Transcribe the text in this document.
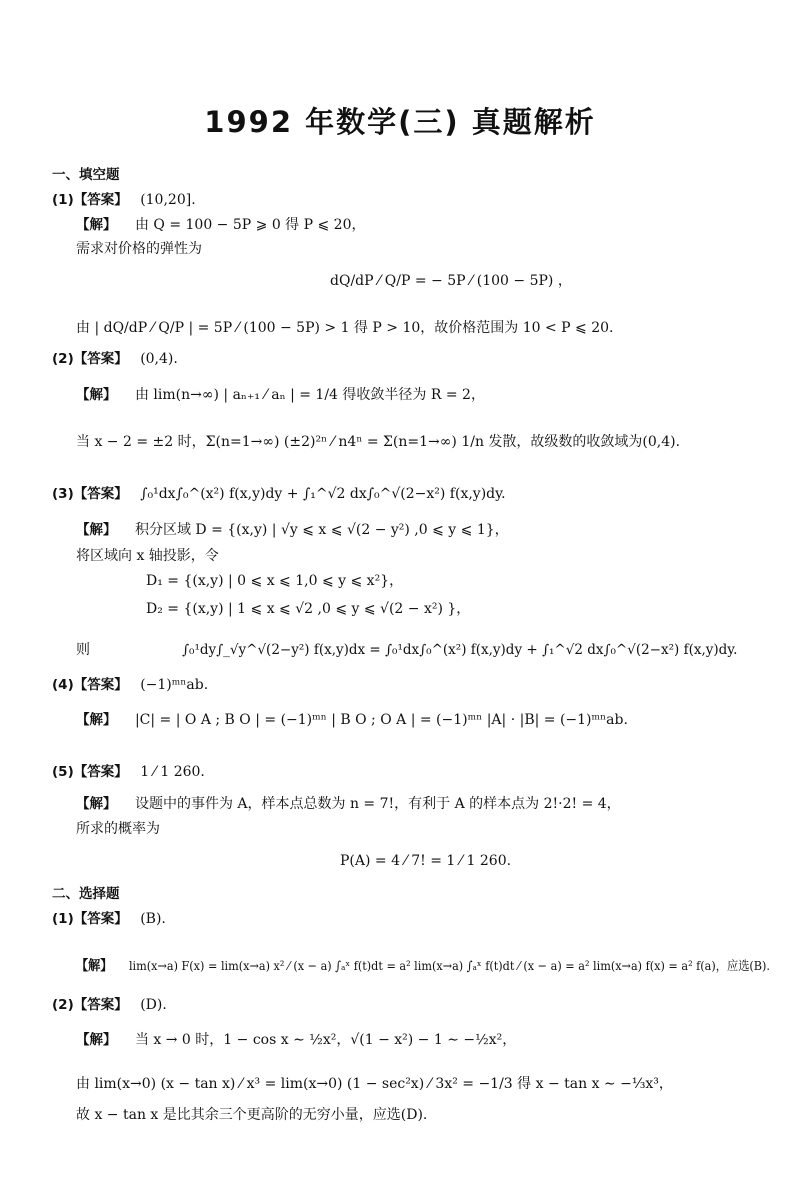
1992 年数学(三) 真题解析
一、填空题
(1)【答案】 (10,20].
【解】 由 Q = 100 − 5P ⩾ 0 得 P ⩽ 20，
需求对价格的弹性为
dQ/dP ⁄ Q/P = − 5P ⁄ (100 − 5P) ，
由 | dQ/dP ⁄ Q/P | = 5P ⁄ (100 − 5P) > 1 得 P > 10，故价格范围为 10 < P ⩽ 20.
(2)【答案】 (0,4).
【解】 由 lim(n→∞) | aₙ₊₁ ⁄ aₙ | = 1/4 得收敛半径为 R = 2，
当 x − 2 = ±2 时，Σ(n=1→∞) (±2)²ⁿ ⁄ n4ⁿ = Σ(n=1→∞) 1/n 发散，故级数的收敛域为(0,4).
(3)【答案】 ∫₀¹dx∫₀^(x²) f(x,y)dy + ∫₁^√2 dx∫₀^√(2−x²) f(x,y)dy.
【解】 积分区域 D = {(x,y) | √y ⩽ x ⩽ √(2 − y²) ,0 ⩽ y ⩽ 1}，
将区域向 x 轴投影，令
D₁ = {(x,y) | 0 ⩽ x ⩽ 1,0 ⩽ y ⩽ x²}，
D₂ = {(x,y) | 1 ⩽ x ⩽ √2 ,0 ⩽ y ⩽ √(2 − x²) }，
则	∫₀¹dy∫_√y^√(2−y²) f(x,y)dx = ∫₀¹dx∫₀^(x²) f(x,y)dy + ∫₁^√2 dx∫₀^√(2−x²) f(x,y)dy.
(4)【答案】 (−1)ᵐⁿab.
【解】 |C| = | O A ; B O | = (−1)ᵐⁿ | B O ; O A | = (−1)ᵐⁿ |A| · |B| = (−1)ᵐⁿab.
(5)【答案】 1 ⁄ 1 260.
【解】 设题中的事件为 A，样本点总数为 n = 7!，有利于 A 的样本点为 2!·2! = 4，
所求的概率为
P(A) = 4 ⁄ 7! = 1 ⁄ 1 260.
二、选择题
(1)【答案】 (B).
【解】 lim(x→a) F(x) = lim(x→a) x² ⁄ (x − a) ∫ₐˣ f(t)dt = a² lim(x→a) ∫ₐˣ f(t)dt ⁄ (x − a) = a² lim(x→a) f(x) = a² f(a)，应选(B).
(2)【答案】 (D).
【解】 当 x → 0 时，1 − cos x ∼ ½x²，√(1 − x²) − 1 ∼ −½x²，
由 lim(x→0) (x − tan x) ⁄ x³ = lim(x→0) (1 − sec²x) ⁄ 3x² = −1/3 得 x − tan x ∼ −⅓x³，
故 x − tan x 是比其余三个更高阶的无穷小量，应选(D).
